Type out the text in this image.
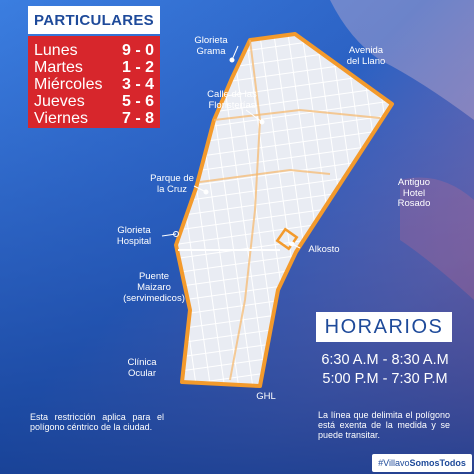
PARTICULARES
Lunes	9 - 0
Martes 1 - 2
Miércoles 3 - 4
Jueves 5 - 6
Viernes 7 - 8
Glorieta
Grama	Avenida
del Llano
Calle de las
Floristerías
Parque de
la Cruz
Antiguo
Hotel
Rosado
Glorieta
Hospital
Alkosto
Puente
Maizaro
(servimedicos)
Clínica
Ocular
GHL
HORARIOS
6:30 A.M - 8:30 A.M
5:00 P.M - 7:30 P.M
Esta restricción aplica para el polígono céntrico de la ciudad.
La línea que delimita el polígono está exenta de la medida y se puede transitar.
#Villavo SomosTodos
